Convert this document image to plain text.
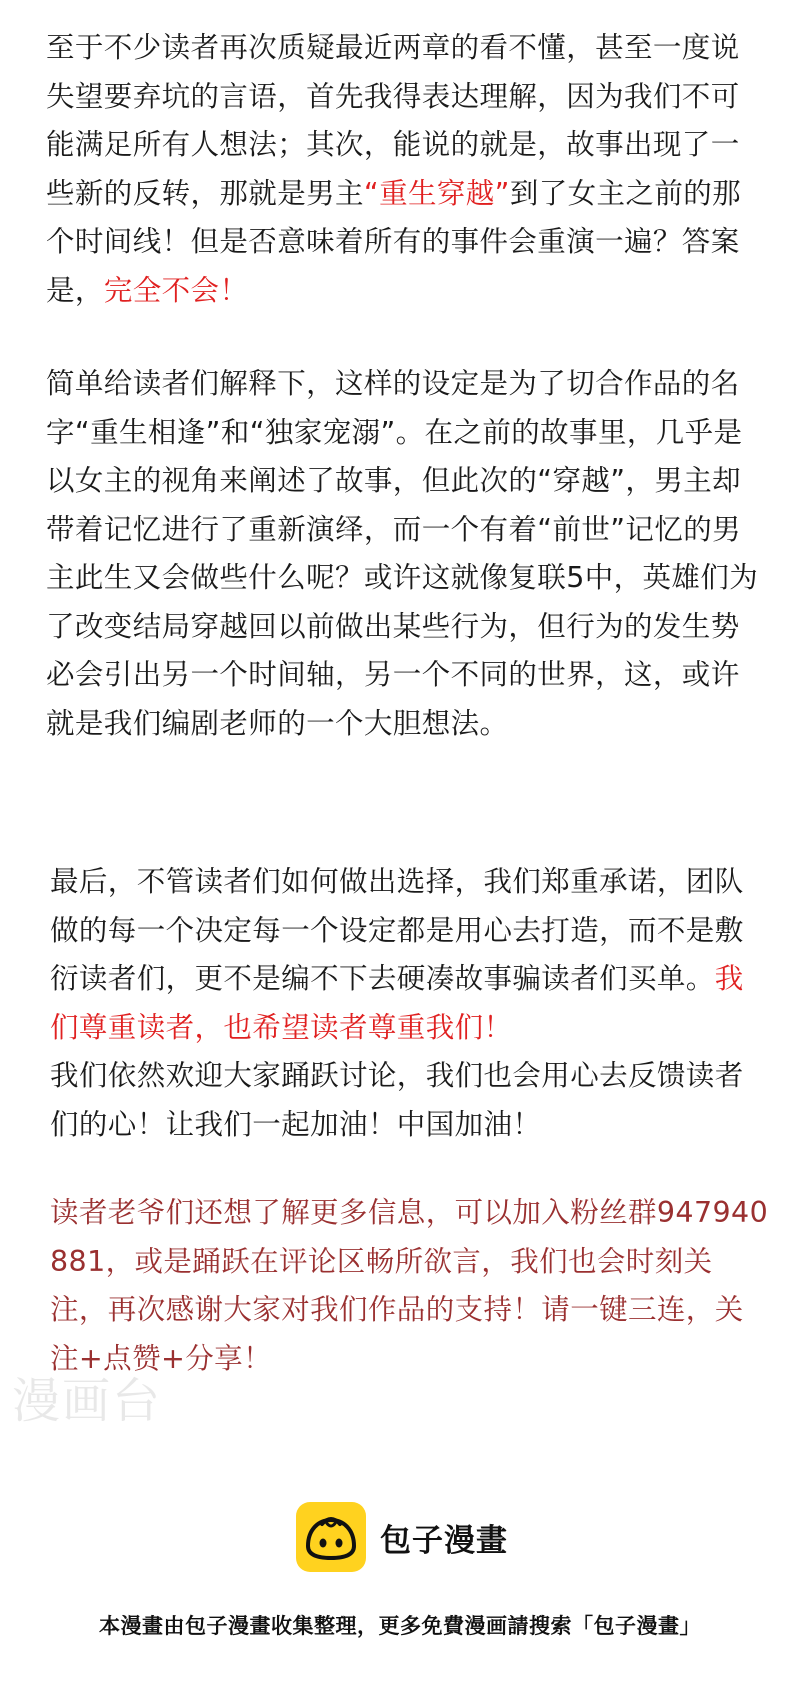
至于不少读者再次质疑最近两章的看不懂，甚至一度说失望要弃坑的言语，首先我得表达理解，因为我们不可能满足所有人想法；其次，能说的就是，故事出现了一些新的反转，那就是男主“重生穿越”到了女主之前的那个时间线！但是否意味着所有的事件会重演一遍？答案是，完全不会！

简单给读者们解释下，这样的设定是为了切合作品的名字“重生相逢”和“独家宠溺”。在之前的故事里，几乎是以女主的视角来阐述了故事，但此次的“穿越”，男主却带着记忆进行了重新演绎，而一个有着“前世”记忆的男主此生又会做些什么呢？或许这就像复联5中，英雄们为了改变结局穿越回以前做出某些行为，但行为的发生势必会引出另一个时间轴，另一个不同的世界，这，或许就是我们编剧老师的一个大胆想法。

最后，不管读者们如何做出选择，我们郑重承诺，团队做的每一个决定每一个设定都是用心去打造，而不是敷衍读者们，更不是编不下去硬凑故事骗读者们买单。我们尊重读者，也希望读者尊重我们！
我们依然欢迎大家踊跃讨论，我们也会用心去反馈读者们的心！让我们一起加油！中国加油！

读者老爷们还想了解更多信息，可以加入粉丝群947940881，或是踊跃在评论区畅所欲言，我们也会时刻关注，再次感谢大家对我们作品的支持！请一键三连，关注+点赞+分享！

漫画台
包子漫畫
本漫畫由包子漫畫收集整理，更多免費漫画請搜索「包子漫畫」
